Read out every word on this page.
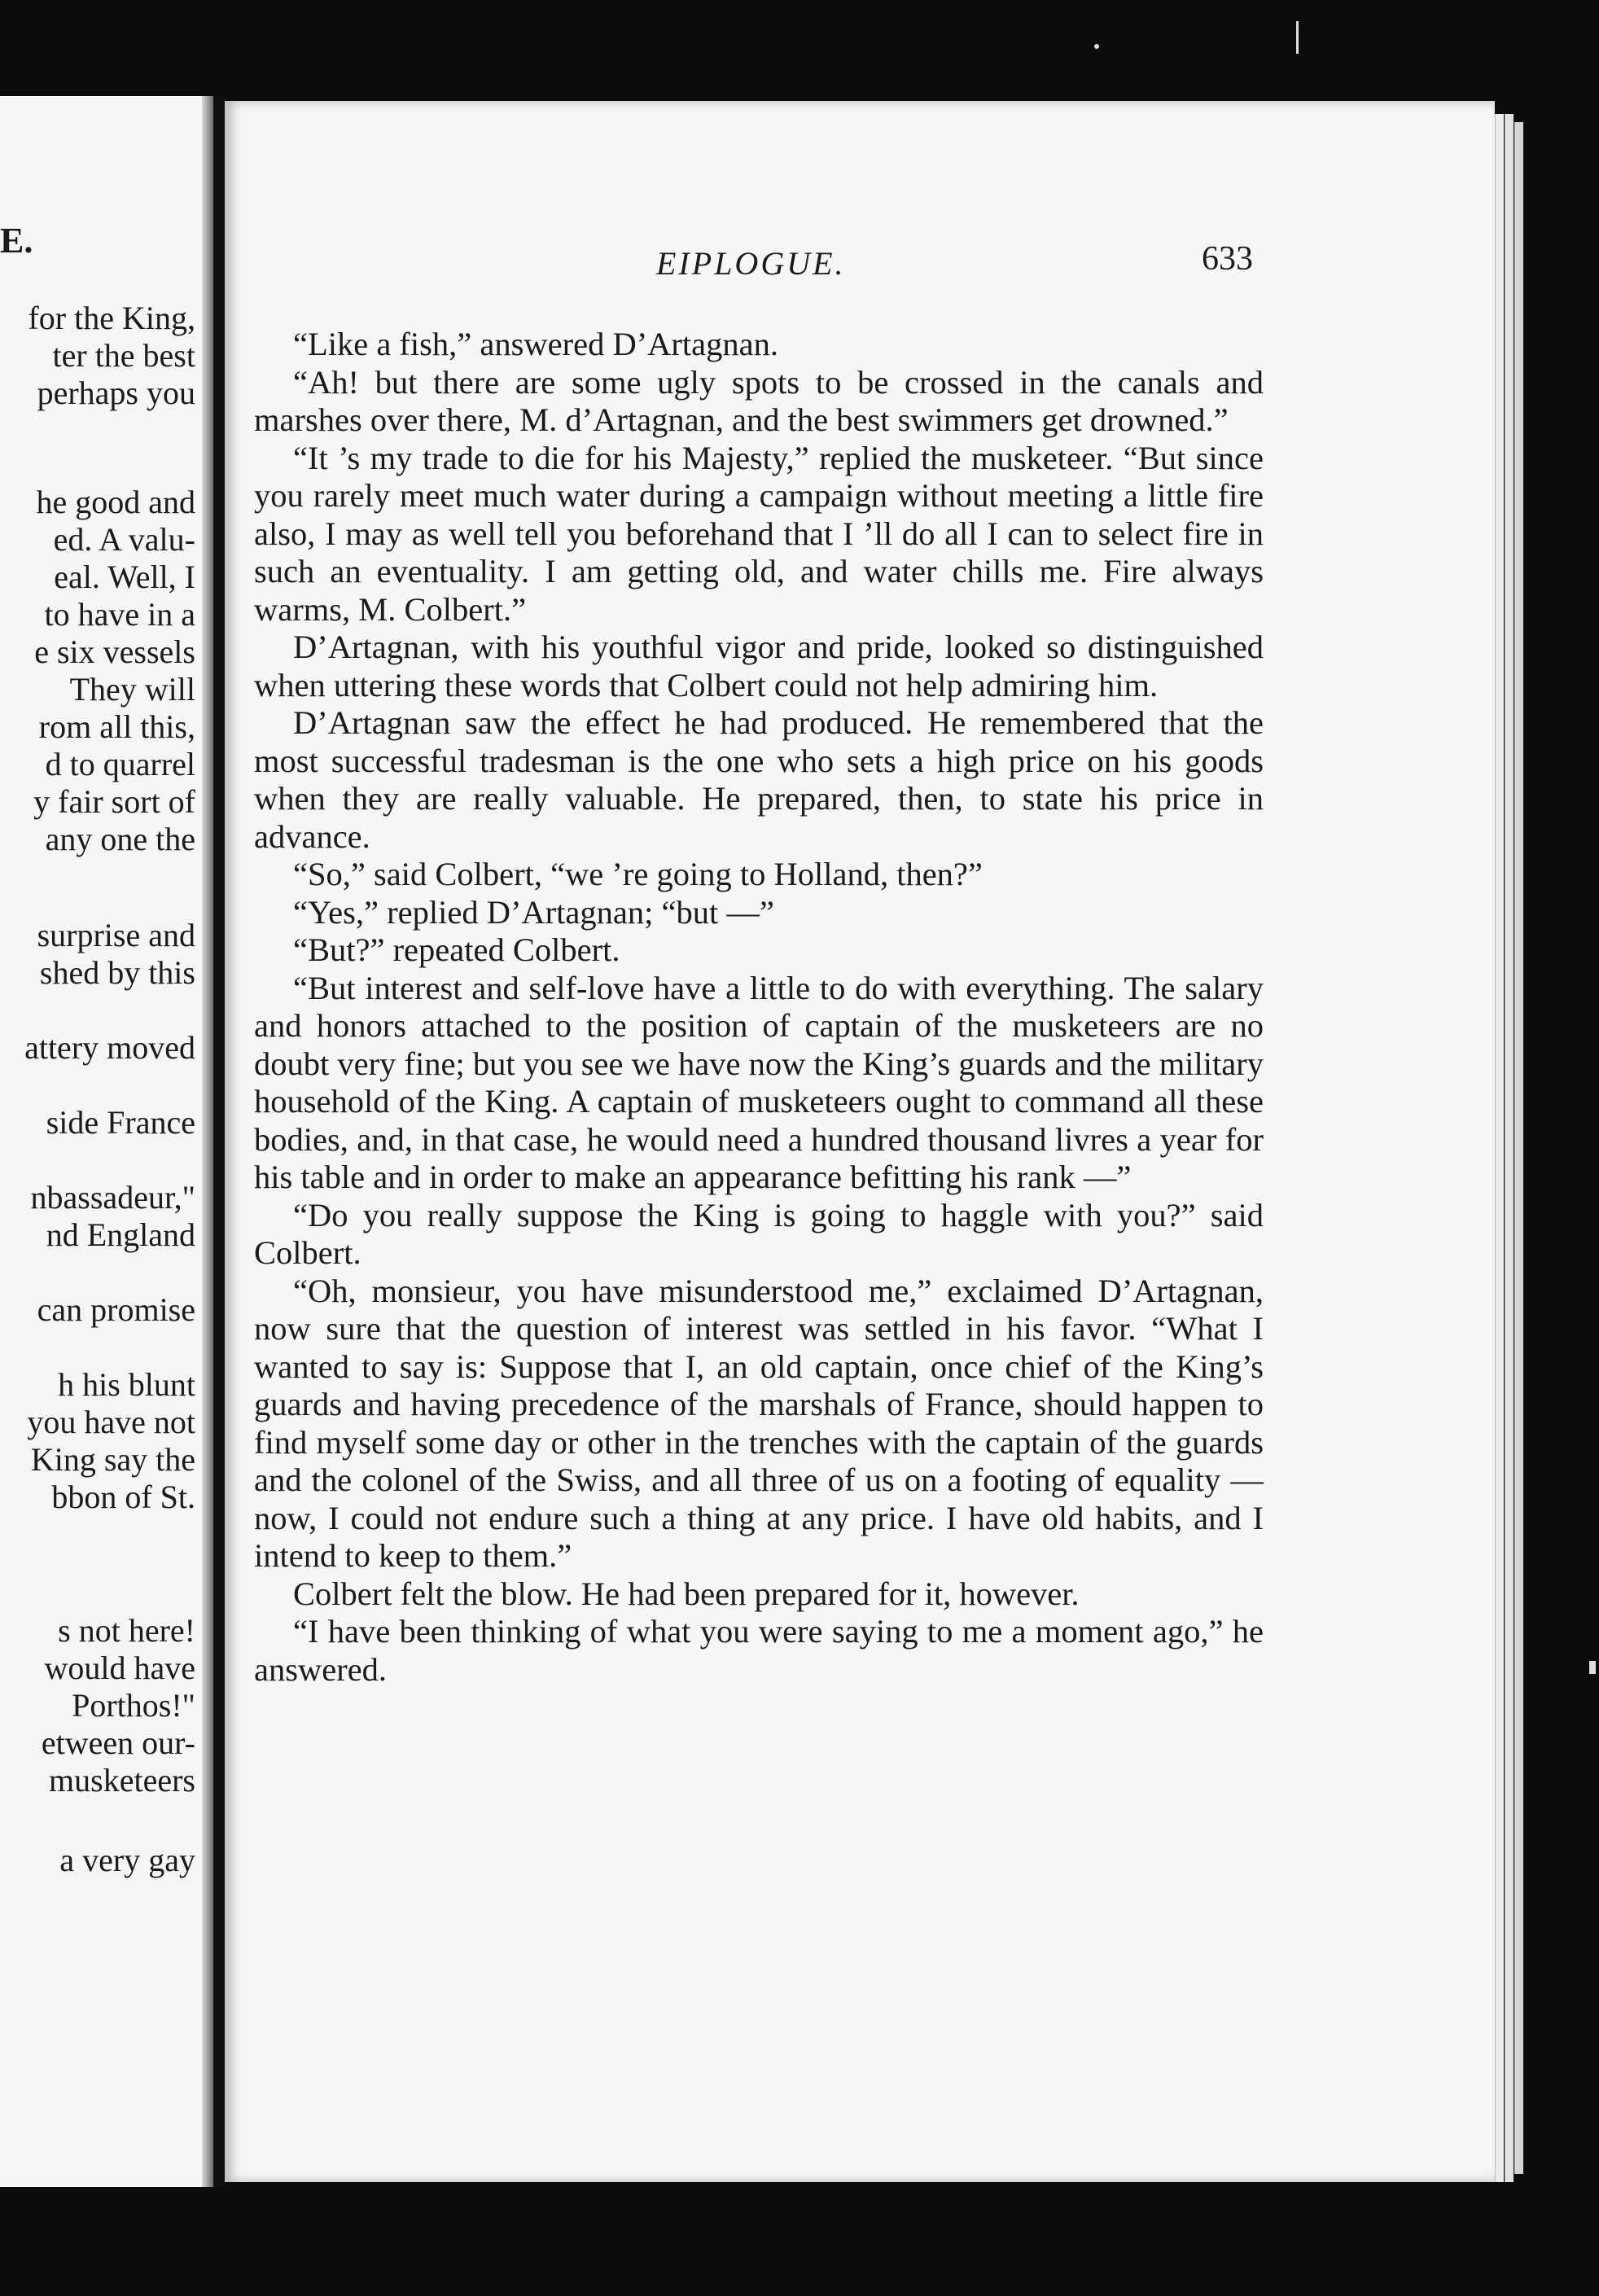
E.
for the King,
ter the best
perhaps you
he good and
ed. A valu-
eal. Well, I
to have in a
e six vessels
They will
rom all this,
d to quarrel
y fair sort of
any one the
surprise and
shed by this
attery moved
side France
nbassadeur,"
nd England
can promise
h his blunt
you have not
King say the
bbon of St.
s not here!
would have
Porthos!"
etween our-
musketeers
a very gay
EIPLOGUE.	633

“Like a fish,” answered D’Artagnan.

“Ah! but there are some ugly spots to be crossed in the canals and marshes over there, M. d’Artagnan, and the best swimmers get drowned.”

“It ’s my trade to die for his Majesty,” replied the musketeer. “But since you rarely meet much water during a campaign without meeting a little fire also, I may as well tell you beforehand that I ’ll do all I can to select fire in such an eventuality. I am getting old, and water chills me. Fire always warms, M. Colbert.”

D’Artagnan, with his youthful vigor and pride, looked so distinguished when uttering these words that Colbert could not help admiring him.

D’Artagnan saw the effect he had produced. He remembered that the most successful tradesman is the one who sets a high price on his goods when they are really valuable. He prepared, then, to state his price in advance.

“So,” said Colbert, “we ’re going to Holland, then?”

“Yes,” replied D’Artagnan; “but —”

“But?” repeated Colbert.

“But interest and self-love have a little to do with everything. The salary and honors attached to the position of captain of the musketeers are no doubt very fine; but you see we have now the King’s guards and the military household of the King. A captain of musketeers ought to command all these bodies, and, in that case, he would need a hundred thousand livres a year for his table and in order to make an appearance befitting his rank —”

“Do you really suppose the King is going to haggle with you?” said Colbert.

“Oh, monsieur, you have misunderstood me,” exclaimed D’Artagnan, now sure that the question of interest was settled in his favor. “What I wanted to say is: Suppose that I, an old captain, once chief of the King’s guards and having precedence of the marshals of France, should happen to find myself some day or other in the trenches with the captain of the guards and the colonel of the Swiss, and all three of us on a footing of equality — now, I could not endure such a thing at any price. I have old habits, and I intend to keep to them.”

Colbert felt the blow. He had been prepared for it, however.

“I have been thinking of what you were saying to me a moment ago,” he answered.
